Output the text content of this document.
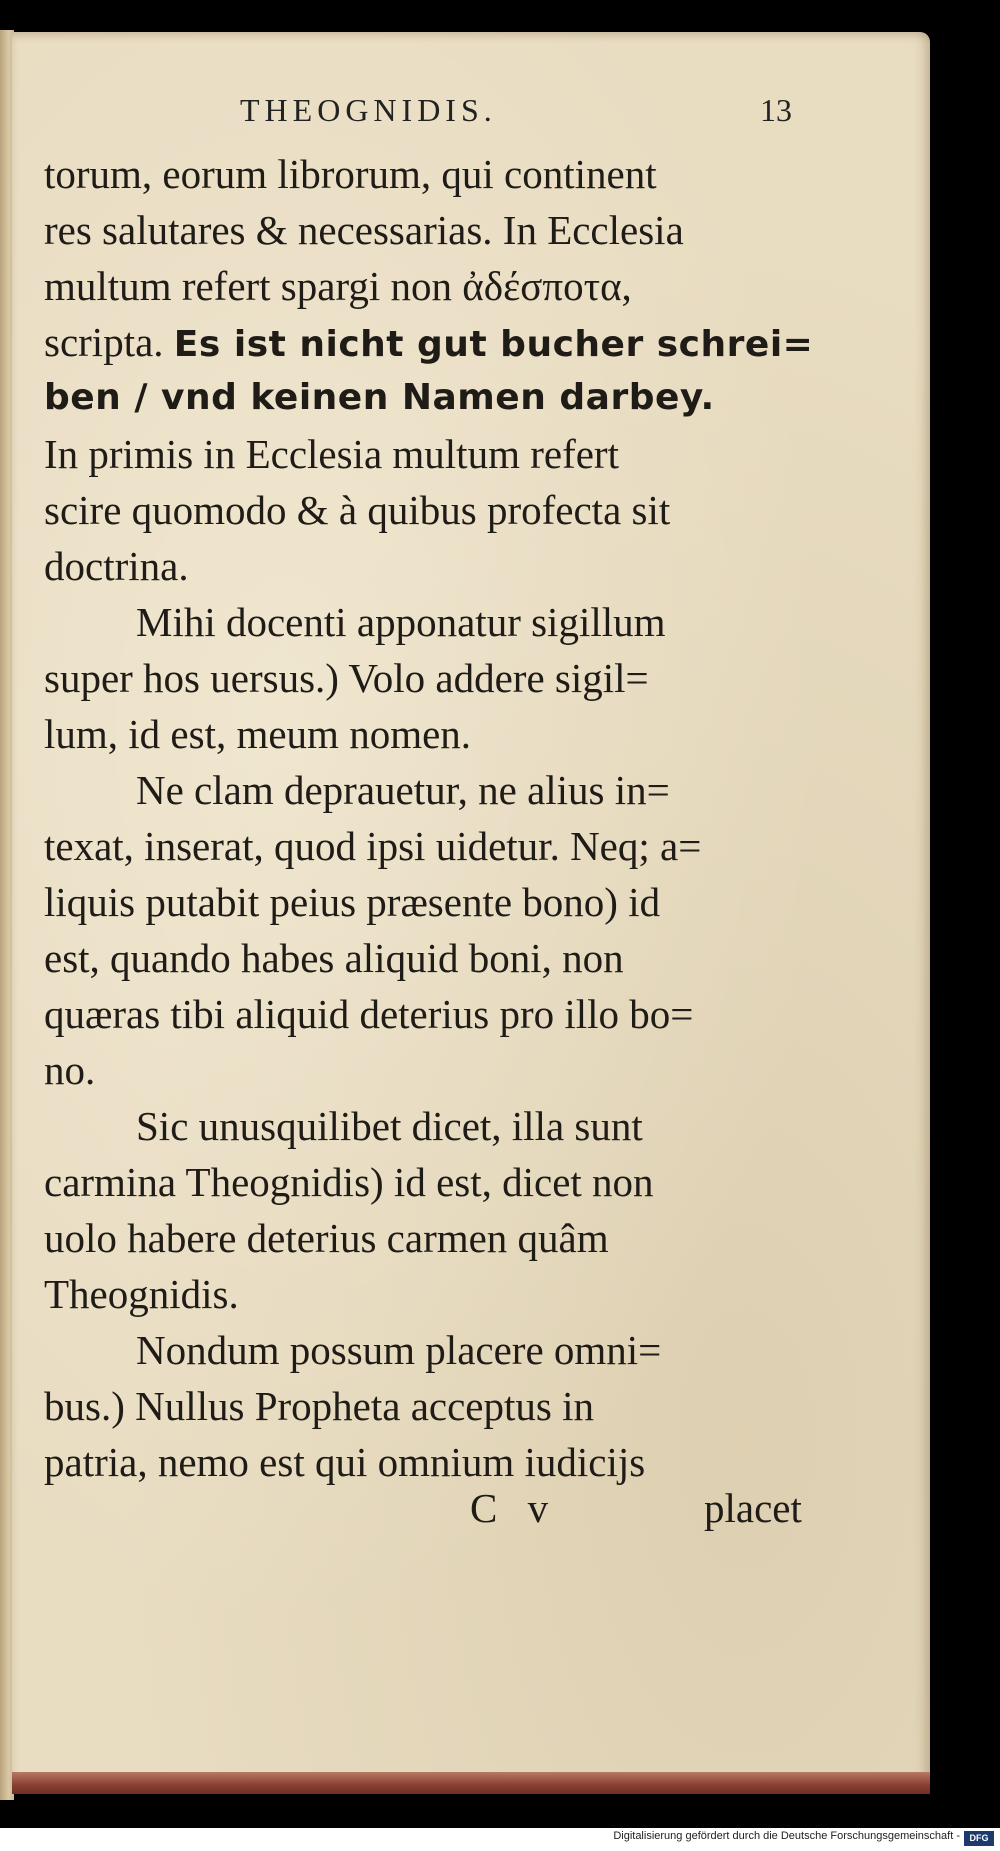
THEOGNIDIS.	13
torum, eorum librorum, qui continent
res salutares & necessarias. In Ecclesia
multum refert spargi non ἀδέσποτα,
scripta. Es ist nicht gut bucher schrei=
ben / vnd keinen Namen darbey.
In primis in Ecclesia multum refert
scire quomodo & à quibus profecta sit
doctrina.
Mihi docenti apponatur sigillum
super hos uersus.) Volo addere sigil=
lum, id est, meum nomen.
Ne clam deprauetur, ne alius in=
texat, inserat, quod ipsi uidetur. Neq; a=
liquis putabit peius præsente bono) id
est, quando habes aliquid boni, non
quæras tibi aliquid deterius pro illo bo=
no.
Sic unusquilibet dicet, illa sunt
carmina Theognidis) id est, dicet non
uolo habere deterius carmen quâm
Theognidis.
Nondum possum placere omni=
bus.) Nullus Propheta acceptus in
patria, nemo est qui omnium iudicijs
C v	placet
Digitalisierung gefördert durch die Deutsche Forschungsgemeinschaft -	DFG
